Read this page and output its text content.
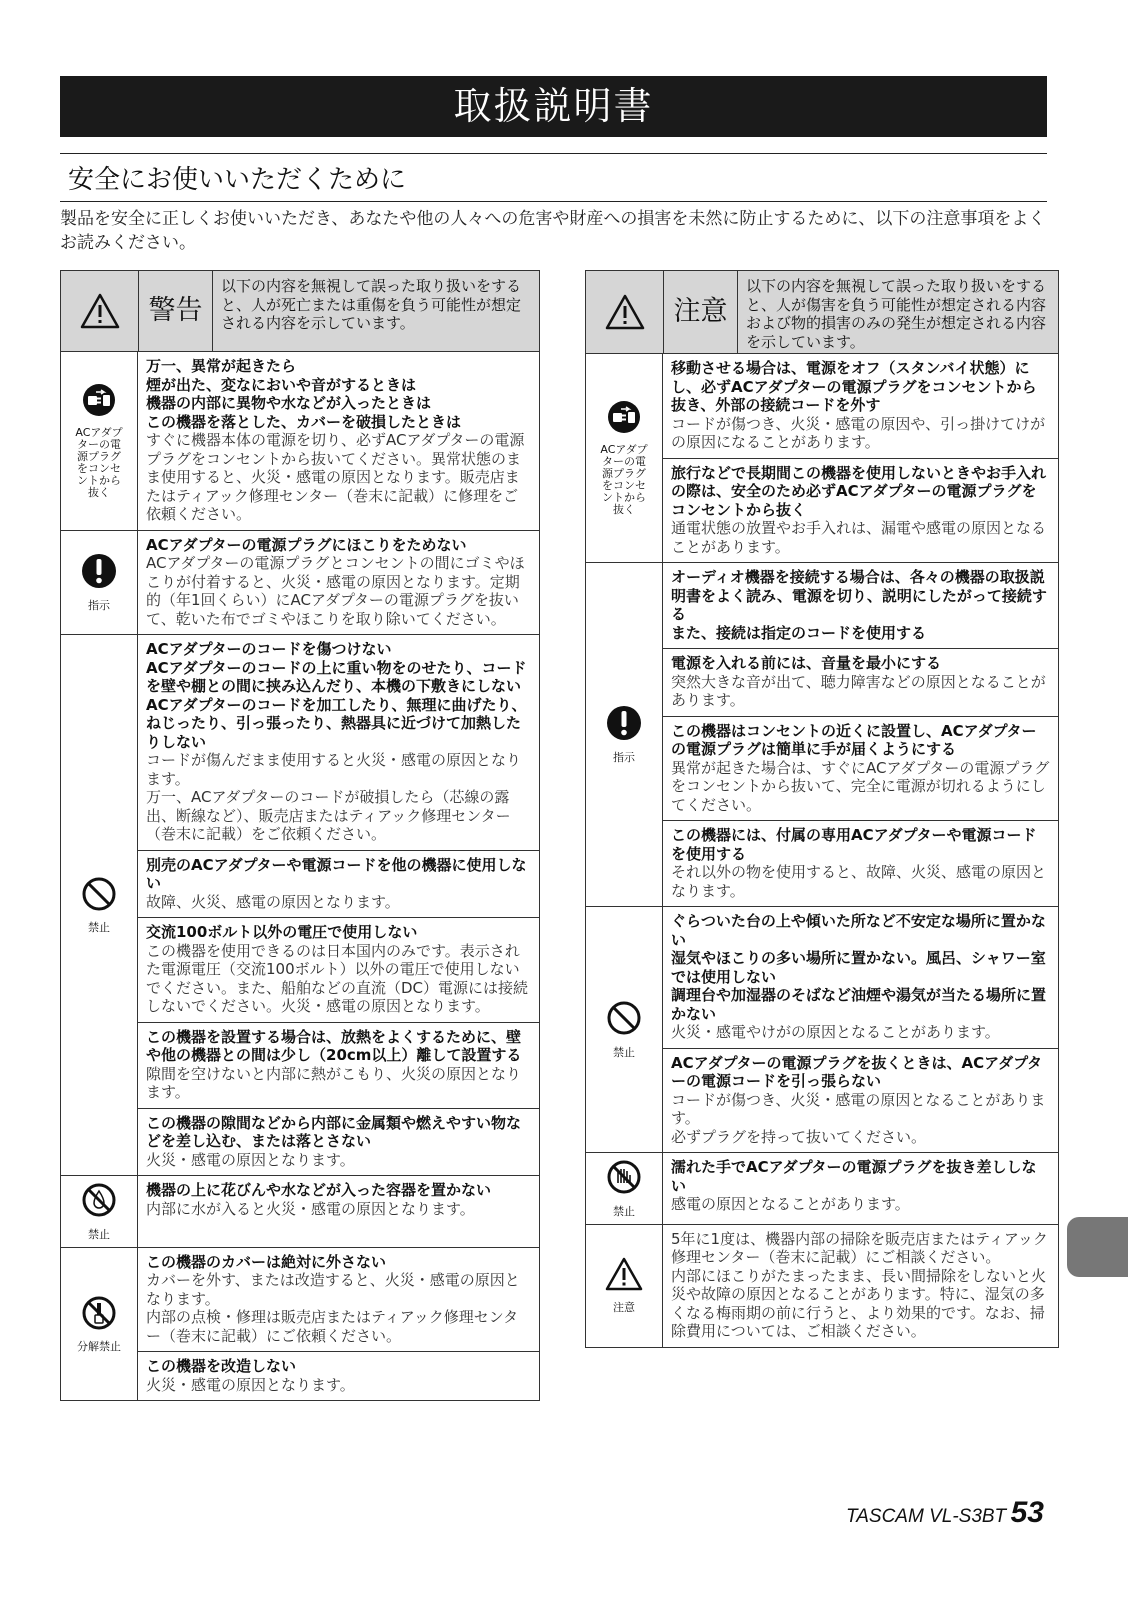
取扱説明書
安全にお使いいただくために
製品を安全に正しくお使いいただき、あなたや他の人々への危害や財産への損害を未然に防止するために、以下の注意事項をよくお読みください。
警告
以下の内容を無視して誤った取り扱いをすると、人が死亡または重傷を負う可能性が想定される内容を示しています。
ACアダプターの電源プラグをコンセントから抜く
万一、異常が起きたら
煙が出た、変なにおいや音がするときは
機器の内部に異物や水などが入ったときは
この機器を落とした、カバーを破損したときは
すぐに機器本体の電源を切り、必ずACアダプターの電源プラグをコンセントから抜いてください。異常状態のまま使用すると、火災・感電の原因となります。販売店またはティアック修理センター（巻末に記載）に修理をご依頼ください。
指示
ACアダプターの電源プラグにほこりをためない
ACアダプターの電源プラグとコンセントの間にゴミやほこりが付着すると、火災・感電の原因となります。定期的（年1回くらい）にACアダプターの電源プラグを抜いて、乾いた布でゴミやほこりを取り除いてください。
禁止
ACアダプターのコードを傷つけない
ACアダプターのコードの上に重い物をのせたり、コードを壁や棚との間に挟み込んだり、本機の下敷きにしない
ACアダプターのコードを加工したり、無理に曲げたり、ねじったり、引っ張ったり、熱器具に近づけて加熱したりしない
コードが傷んだまま使用すると火災・感電の原因となります。
万一、ACアダプターのコードが破損したら（芯線の露出、断線など）、販売店またはティアック修理センター（巻末に記載）をご依頼ください。
別売のACアダプターや電源コードを他の機器に使用しない
故障、火災、感電の原因となります。
交流100ボルト以外の電圧で使用しない
この機器を使用できるのは日本国内のみです。表示された電源電圧（交流100ボルト）以外の電圧で使用しないでください。また、船舶などの直流（DC）電源には接続しないでください。火災・感電の原因となります。
この機器を設置する場合は、放熱をよくするために、壁や他の機器との間は少し（20cm以上）離して設置する
隙間を空けないと内部に熱がこもり、火災の原因となります。
この機器の隙間などから内部に金属類や燃えやすい物などを差し込む、または落とさない
火災・感電の原因となります。
禁止
機器の上に花びんや水などが入った容器を置かない
内部に水が入ると火災・感電の原因となります。
分解禁止
この機器のカバーは絶対に外さない
カバーを外す、または改造すると、火災・感電の原因となります。
内部の点検・修理は販売店またはティアック修理センター（巻末に記載）にご依頼ください。
この機器を改造しない
火災・感電の原因となります。
注意
以下の内容を無視して誤った取り扱いをすると、人が傷害を負う可能性が想定される内容および物的損害のみの発生が想定される内容を示しています。
ACアダプターの電源プラグをコンセントから抜く
移動させる場合は、電源をオフ（スタンバイ状態）にし、必ずACアダプターの電源プラグをコンセントから抜き、外部の接続コードを外す
コードが傷つき、火災・感電の原因や、引っ掛けてけがの原因になることがあります。
旅行などで長期間この機器を使用しないときやお手入れの際は、安全のため必ずACアダプターの電源プラグをコンセントから抜く
通電状態の放置やお手入れは、漏電や感電の原因となることがあります。
指示
オーディオ機器を接続する場合は、各々の機器の取扱説明書をよく読み、電源を切り、説明にしたがって接続する
また、接続は指定のコードを使用する
電源を入れる前には、音量を最小にする
突然大きな音が出て、聴力障害などの原因となることがあります。
この機器はコンセントの近くに設置し、ACアダプターの電源プラグは簡単に手が届くようにする
異常が起きた場合は、すぐにACアダプターの電源プラグをコンセントから抜いて、完全に電源が切れるようにしてください。
この機器には、付属の専用ACアダプターや電源コードを使用する
それ以外の物を使用すると、故障、火災、感電の原因となります。
禁止
ぐらついた台の上や傾いた所など不安定な場所に置かない
湿気やほこりの多い場所に置かない。風呂、シャワー室では使用しない
調理台や加湿器のそばなど油煙や湯気が当たる場所に置かない
火災・感電やけがの原因となることがあります。
ACアダプターの電源プラグを抜くときは、ACアダプターの電源コードを引っ張らない
コードが傷つき、火災・感電の原因となることがあります。
必ずプラグを持って抜いてください。
禁止
濡れた手でACアダプターの電源プラグを抜き差ししない
感電の原因となることがあります。
注意
5年に1度は、機器内部の掃除を販売店またはティアック修理センター（巻末に記載）にご相談ください。
内部にほこりがたまったまま、長い間掃除をしないと火災や故障の原因となることがあります。特に、湿気の多くなる梅雨期の前に行うと、より効果的です。なお、掃除費用については、ご相談ください。
TASCAM VL-S3BT 53
